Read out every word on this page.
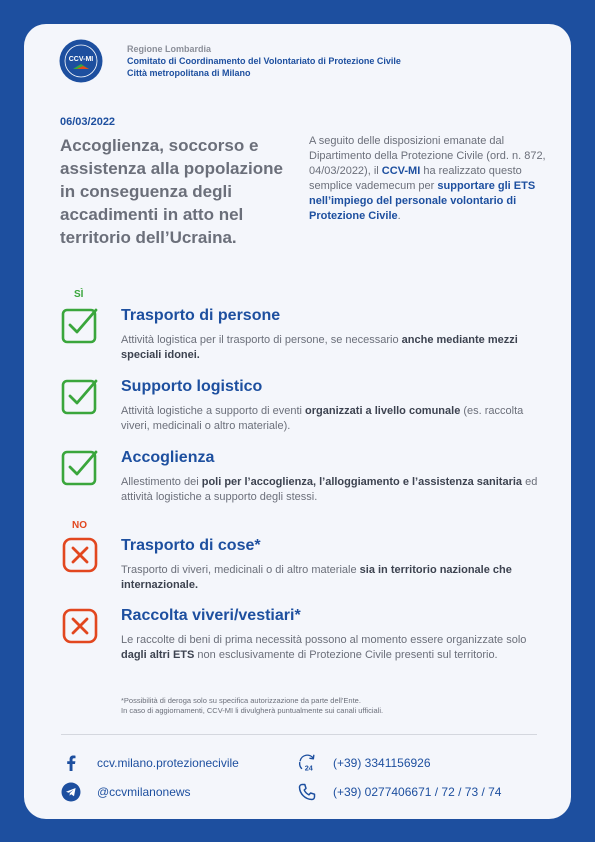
CCV-MI
Regione Lombardia
Comitato di Coordinamento del Volontariato di Protezione Civile
Città metropolitana di Milano
06/03/2022
Accoglienza, soccorso e assistenza alla popolazione in conseguenza degli accadimenti in atto nel territorio dell’Ucraina.
A seguito delle disposizioni emanate dal Dipartimento della Protezione Civile (ord. n. 872, 04/03/2022), il CCV-MI ha realizzato questo semplice vademecum per supportare gli ETS nell’impiego del personale volontario di Protezione Civile.
SÌ
Trasporto di persone
Attività logistica per il trasporto di persone, se necessario anche mediante mezzi speciali idonei.
Supporto logistico
Attività logistiche a supporto di eventi organizzati a livello comunale (es. raccolta viveri, medicinali o altro materiale).
Accoglienza
Allestimento dei poli per l’accoglienza, l’alloggiamento e l’assistenza sanitaria ed attività logistiche a supporto degli stessi.
NO
Trasporto di cose*
Trasporto di viveri, medicinali o di altro materiale sia in territorio nazionale che internazionale.
Raccolta viveri/vestiari*
Le raccolte di beni di prima necessità possono al momento essere organizzate solo dagli altri ETS non esclusivamente di Protezione Civile presenti sul territorio.
*Possibilità di deroga solo su specifica autorizzazione da parte dell'Ente.
In caso di aggiornamenti, CCV-MI li divulgherà puntualmente sui canali ufficiali.
ccv.milano.protezionecivile
@ccvmilanonews
24 (+39) 3341156926
(+39) 0277406671 / 72 / 73 / 74
